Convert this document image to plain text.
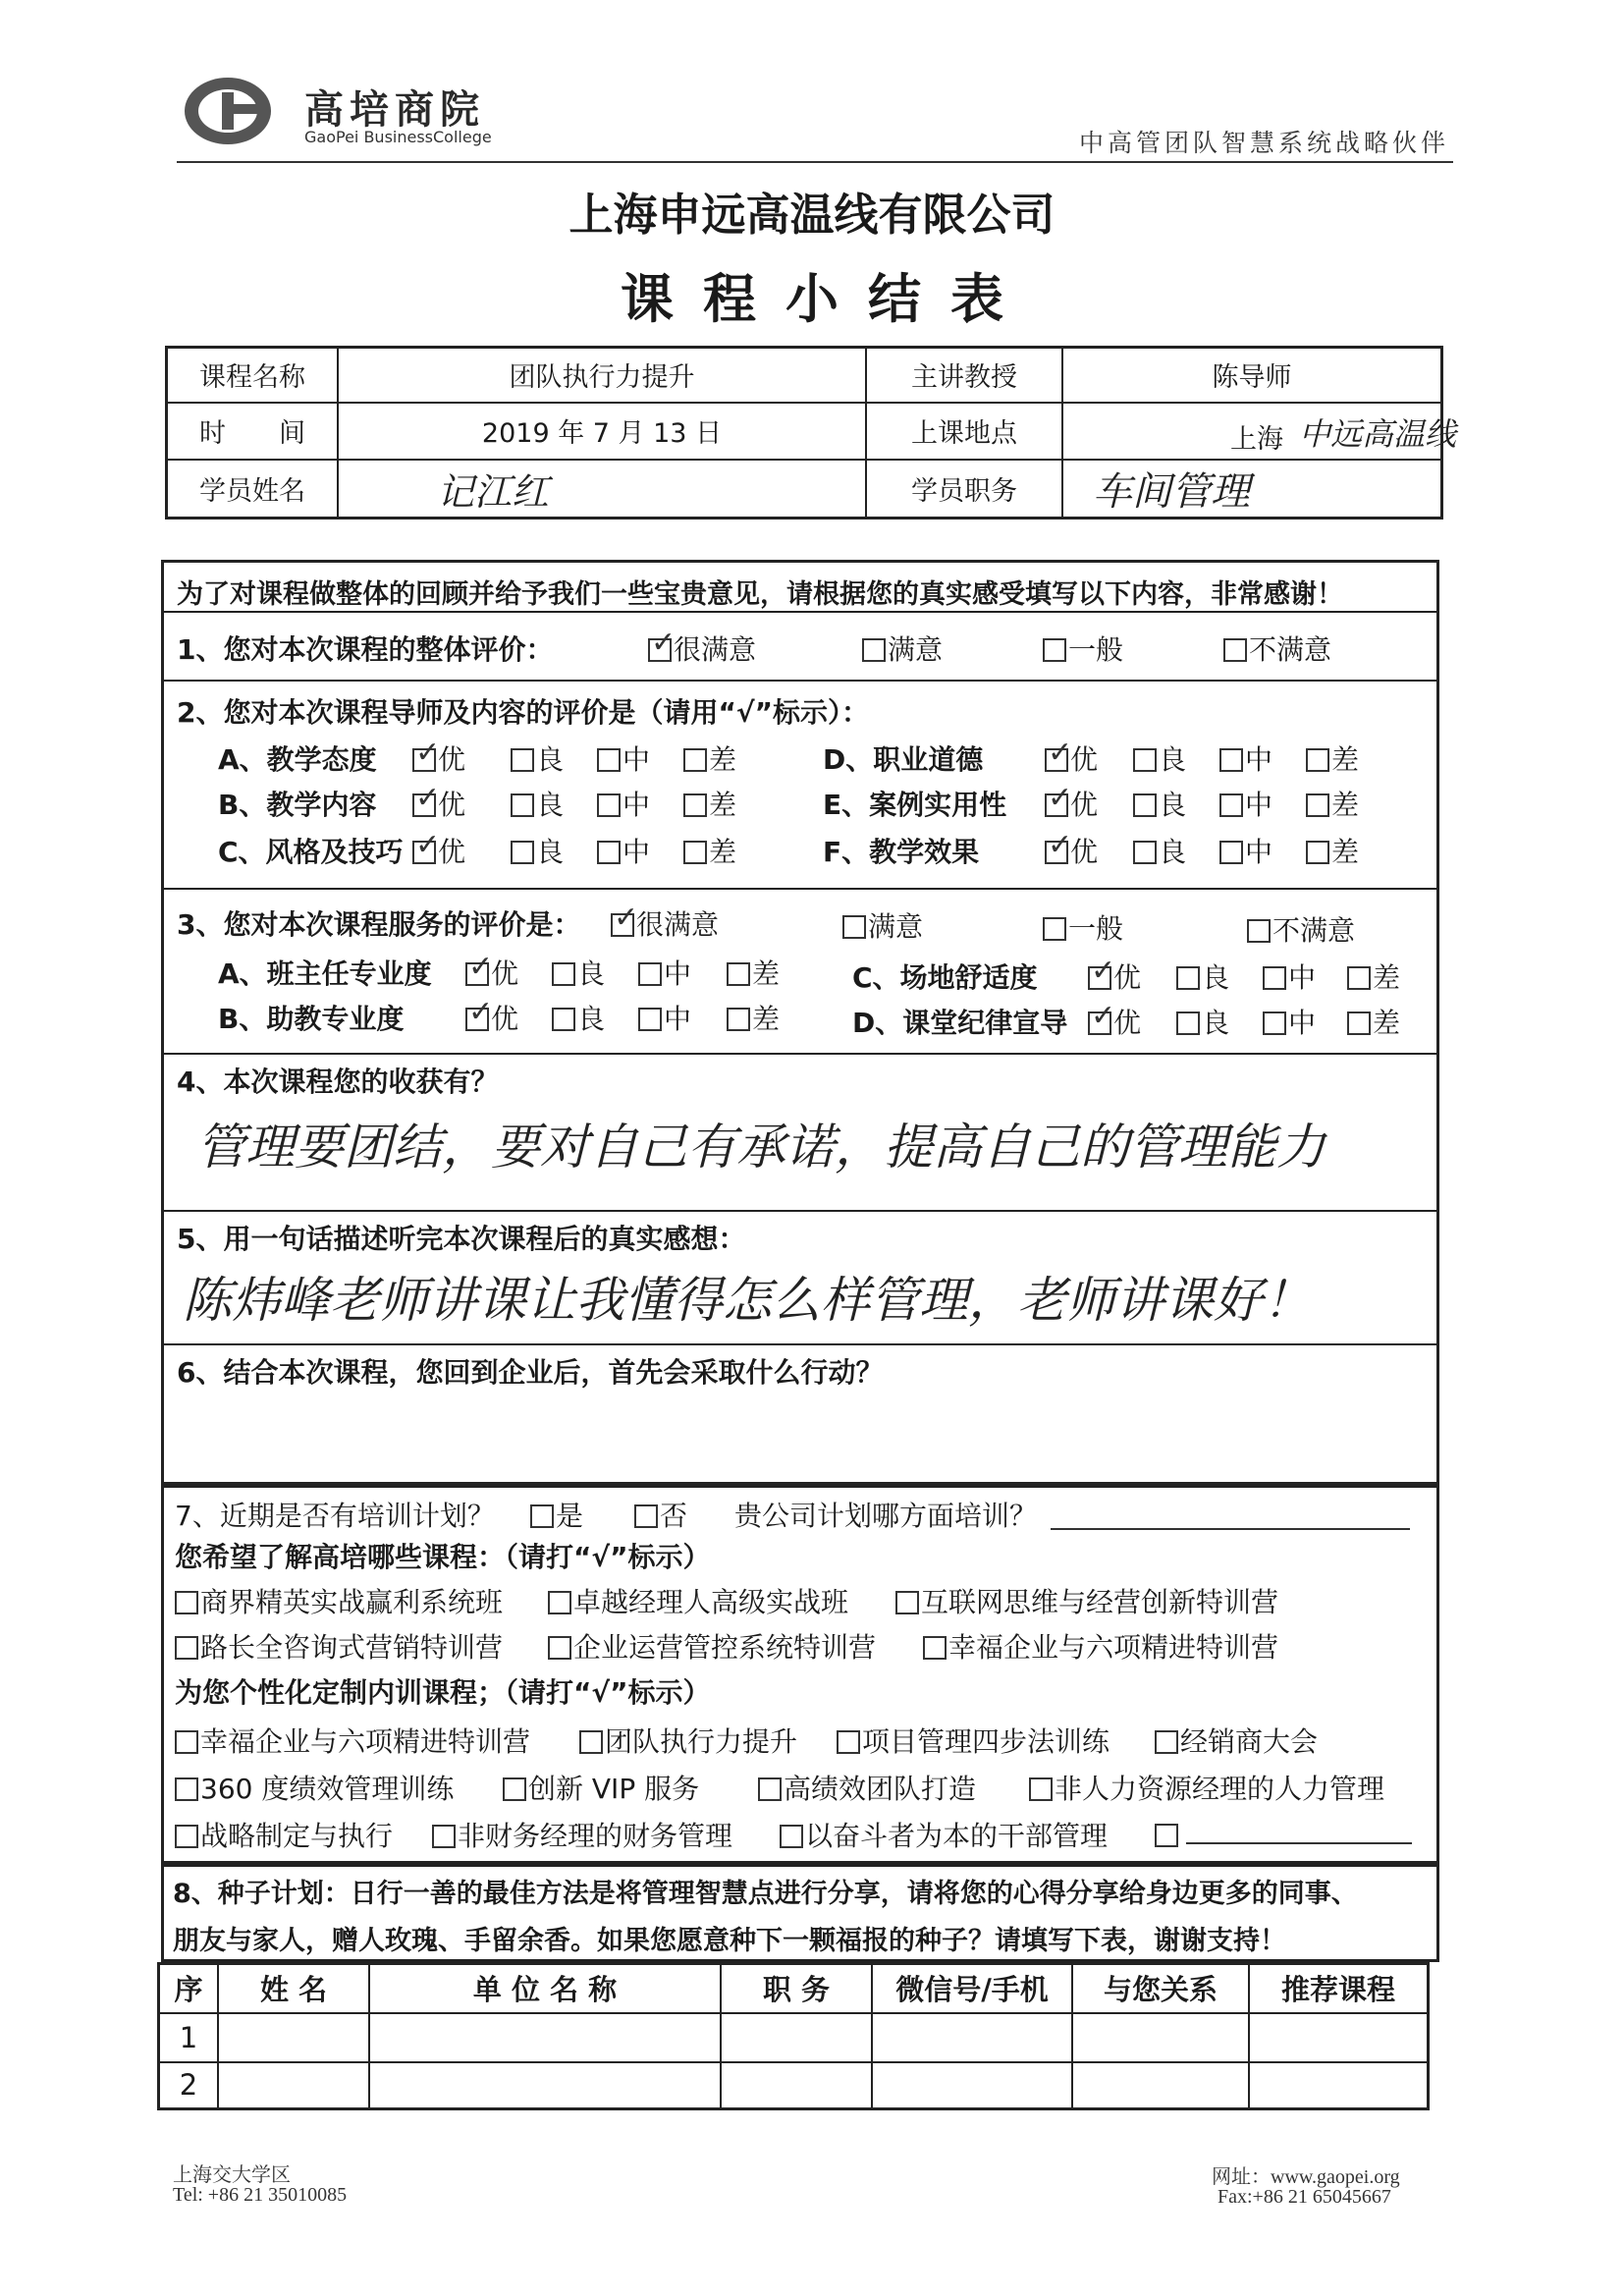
高培商院
GaoPei BusinessCollege	中高管团队智慧系统战略伙伴
上海申远高温线有限公司
课程小结表
课程名称	团队执行力提升	主讲教授	陈导师
时　　间	2019 年 7 月 13 日	上课地点	上海 中远高温线

学员姓名	记江红	学员职务	车间管理
为了对课程做整体的回顾并给予我们一些宝贵意见，请根据您的真实感受填写以下内容，非常感谢！
1、您对本次课程的整体评价： ✓	很满意	满意	一般	不满意
2、您对本次课程导师及内容的评价是（请用“√”标示）：
A、教学态度 ✓	优	良	中	差
B、教学内容 ✓	优	良	中	差
C、风格及技巧 ✓	优	良	中	差
D、职业道德 ✓	优	良	中	差
E、案例实用性 ✓	优	良	中	差
F、教学效果 ✓	优	良	中	差
3、您对本次课程服务的评价是： ✓	很满意	满意	一般	不满意
A、班主任专业度 ✓	优	良	中	差
B、助教专业度 ✓	优	良	中	差
C、场地舒适度 ✓	优	良	中	差
D、课堂纪律宣导 ✓	优	良	中	差
4、本次课程您的收获有？
管理要团结，要对自己有承诺，提高自己的管理能力
5、用一句话描述听完本次课程后的真实感想：
陈炜峰老师讲课让我懂得怎么样管理，老师讲课好！
6、结合本次课程，您回到企业后，首先会采取什么行动？
7、近期是否有培训计划？	是	否 贵公司计划哪方面培训？
您希望了解高培哪些课程：（请打“√”标示）
商界精英实战赢利系统班	卓越经理人高级实战班	互联网思维与经营创新特训营
路长全咨询式营销特训营	企业运营管控系统特训营	幸福企业与六项精进特训营
为您个性化定制内训课程；（请打“√”标示）
幸福企业与六项精进特训营	团队执行力提升	项目管理四步法训练	经销商大会
360 度绩效管理训练	创新 VIP 服务	高绩效团队打造	非人力资源经理的人力管理
战略制定与执行	非财务经理的财务管理	以奋斗者为本的干部管理
8、种子计划：日行一善的最佳方法是将管理智慧点进行分享，请将您的心得分享给身边更多的同事、
朋友与家人，赠人玫瑰、手留余香。如果您愿意种下一颗福报的种子？请填写下表，谢谢支持！
序	姓 名	单 位 名 称	职 务	微信号/手机	与您关系	推荐课程
1						
2						
上海交大学区
Tel: +86 21 35010085
网址：www.gaopei.org
Fax:+86 21 65045667
